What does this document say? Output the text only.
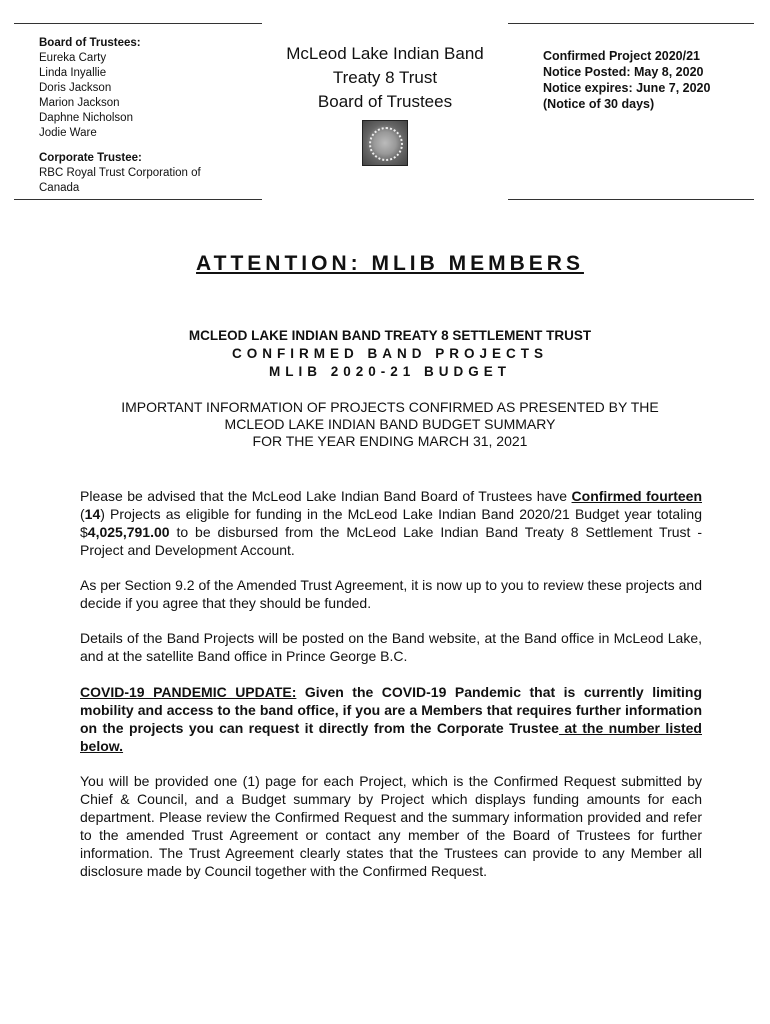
Board of Trustees:
Eureka Carty
Linda Inyallie
Doris Jackson
Marion Jackson
Daphne Nicholson
Jodie Ware
Corporate Trustee:
RBC Royal Trust Corporation of
Canada
McLeod Lake Indian Band
Treaty 8 Trust
Board of Trustees
Confirmed Project 2020/21
Notice Posted: May 8, 2020
Notice expires: June 7, 2020
(Notice of 30 days)
ATTENTION: MLIB MEMBERS
MCLEOD LAKE INDIAN BAND TREATY 8 SETTLEMENT TRUST
CONFIRMED BAND PROJECTS
MLIB 2020-21 BUDGET
IMPORTANT INFORMATION OF PROJECTS CONFIRMED AS PRESENTED BY THE
MCLEOD LAKE INDIAN BAND BUDGET SUMMARY
FOR THE YEAR ENDING MARCH 31, 2021
Please be advised that the McLeod Lake Indian Band Board of Trustees have Confirmed fourteen (14) Projects as eligible for funding in the McLeod Lake Indian Band 2020/21 Budget year totaling $4,025,791.00 to be disbursed from the McLeod Lake Indian Band Treaty 8 Settlement Trust -Project and Development Account.
As per Section 9.2 of the Amended Trust Agreement, it is now up to you to review these projects and decide if you agree that they should be funded.
Details of the Band Projects will be posted on the Band website, at the Band office in McLeod Lake, and at the satellite Band office in Prince George B.C.
COVID-19 PANDEMIC UPDATE: Given the COVID-19 Pandemic that is currently limiting mobility and access to the band office, if you are a Members that requires further information on the projects you can request it directly from the Corporate Trustee at the number listed below.
You will be provided one (1) page for each Project, which is the Confirmed Request submitted by Chief & Council, and a Budget summary by Project which displays funding amounts for each department. Please review the Confirmed Request and the summary information provided and refer to the amended Trust Agreement or contact any member of the Board of Trustees for further information. The Trust Agreement clearly states that the Trustees can provide to any Member all disclosure made by Council together with the Confirmed Request.
